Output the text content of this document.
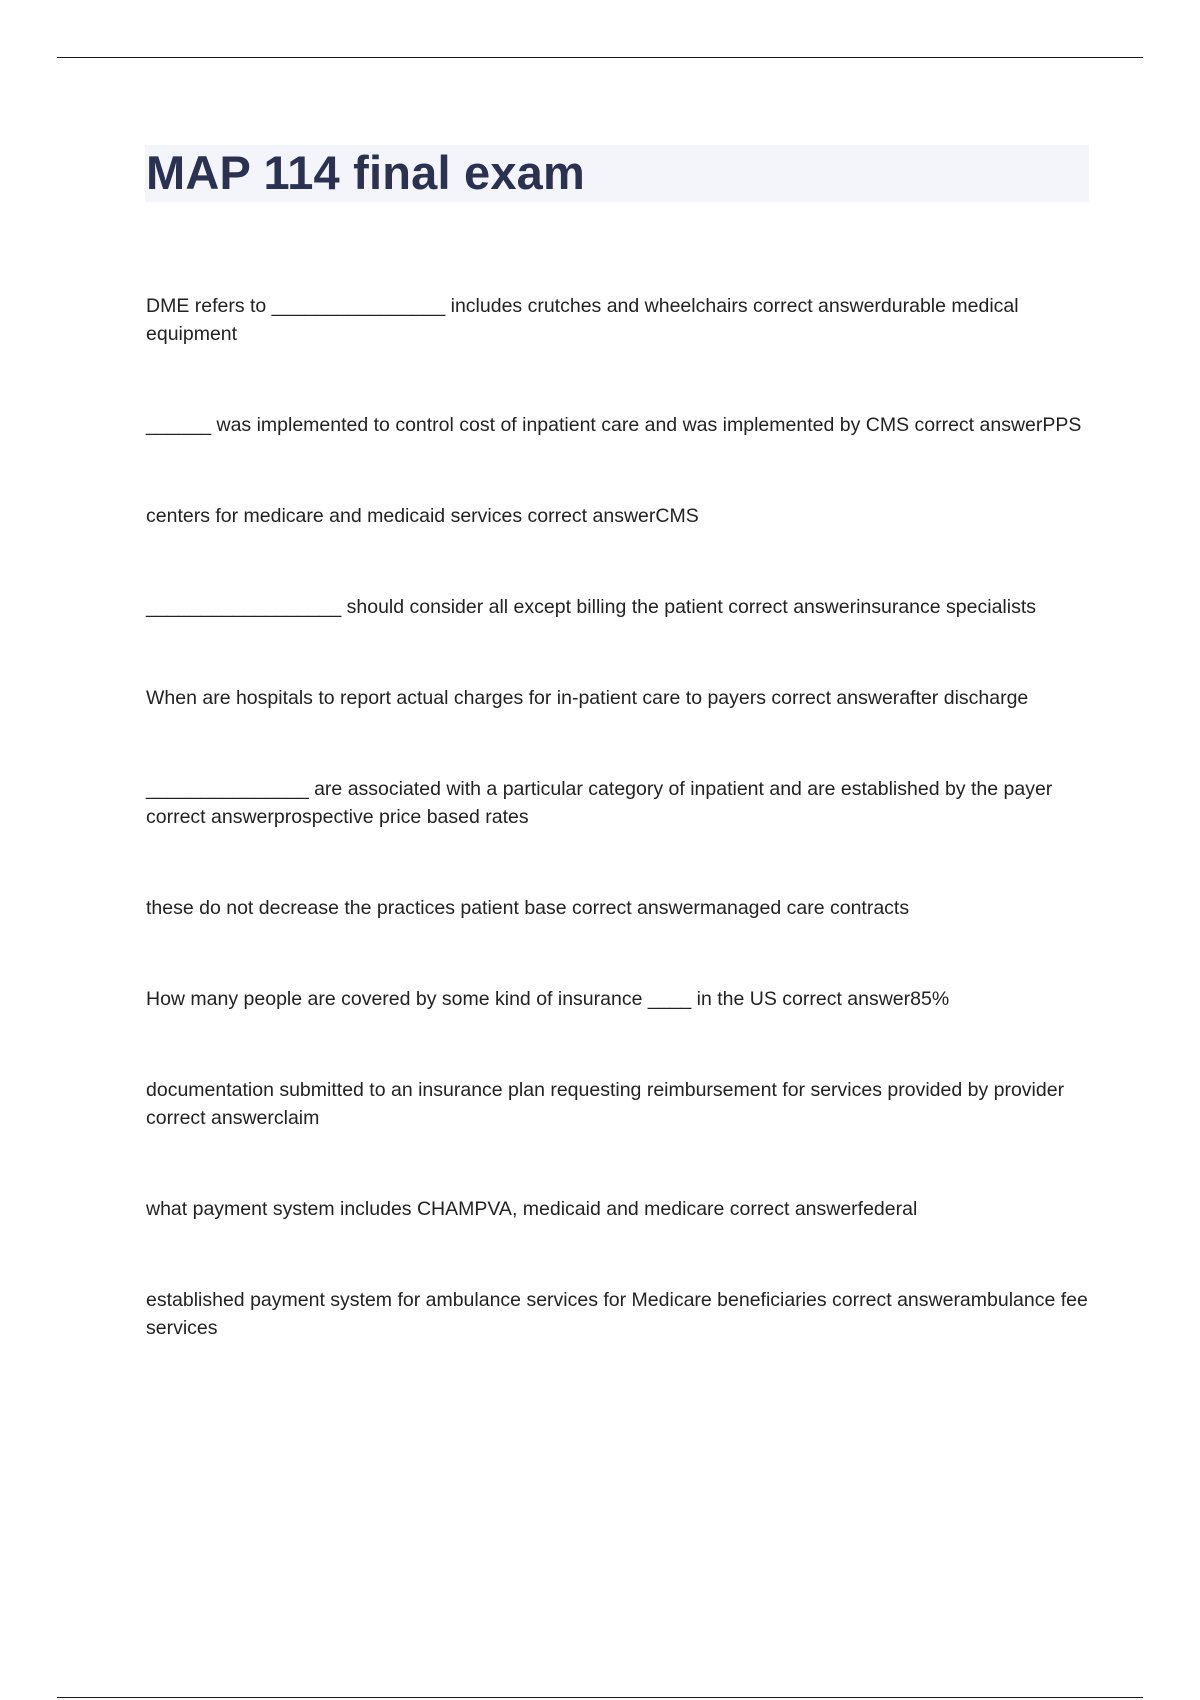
MAP 114 final exam
DME refers to ________________ includes crutches and wheelchairs correct answerdurable medical equipment
______ was implemented to control cost of inpatient care and was implemented by CMS correct answerPPS
centers for medicare and medicaid services correct answerCMS
__________________ should consider all except billing the patient correct answerinsurance specialists
When are hospitals to report actual charges for in-patient care to payers correct answerafter discharge
_______________ are associated with a particular category of inpatient and are established by the payer correct answerprospective price based rates
these do not decrease the practices patient base correct answermanaged care contracts
How many people are covered by some kind of insurance ____ in the US correct answer85%
documentation submitted to an insurance plan requesting reimbursement for services provided by provider correct answerclaim
what payment system includes CHAMPVA, medicaid and medicare correct answerfederal
established payment system for ambulance services for Medicare beneficiaries correct answerambulance fee services
